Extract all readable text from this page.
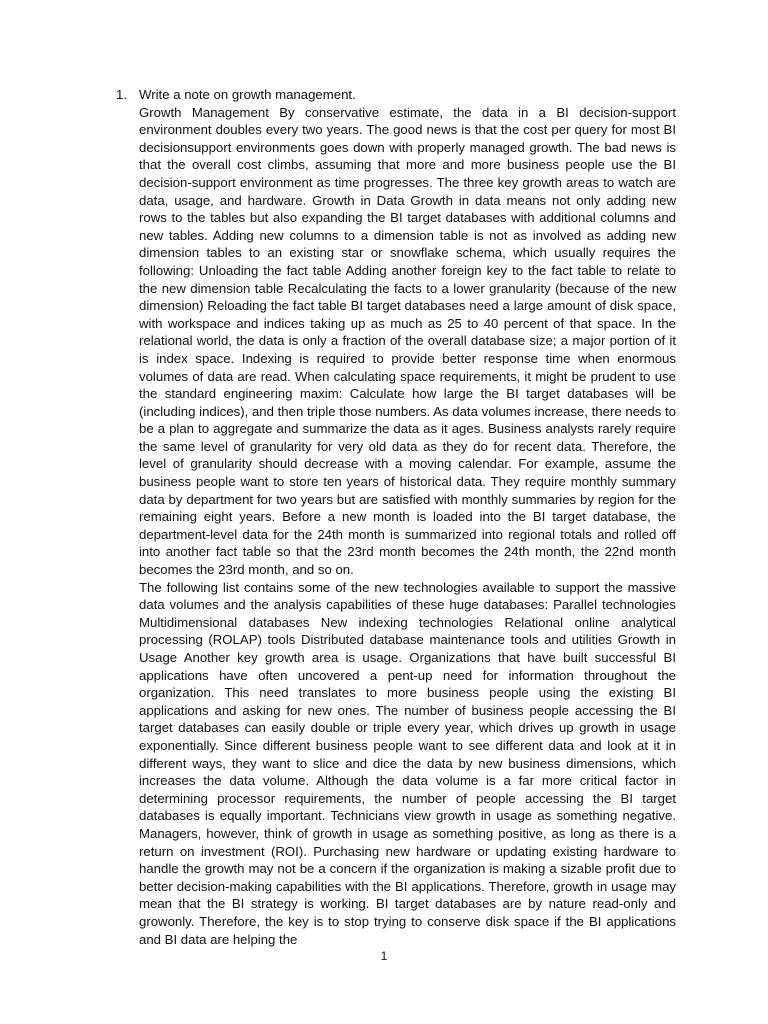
1. Write a note on growth management.

Growth Management By conservative estimate, the data in a BI decision-support environment doubles every two years. The good news is that the cost per query for most BI decisionsupport environments goes down with properly managed growth. The bad news is that the overall cost climbs, assuming that more and more business people use the BI decision-support environment as time progresses. The three key growth areas to watch are data, usage, and hardware. Growth in Data Growth in data means not only adding new rows to the tables but also expanding the BI target databases with additional columns and new tables. Adding new columns to a dimension table is not as involved as adding new dimension tables to an existing star or snowflake schema, which usually requires the following: Unloading the fact table Adding another foreign key to the fact table to relate to the new dimension table Recalculating the facts to a lower granularity (because of the new dimension) Reloading the fact table BI target databases need a large amount of disk space, with workspace and indices taking up as much as 25 to 40 percent of that space. In the relational world, the data is only a fraction of the overall database size; a major portion of it is index space. Indexing is required to provide better response time when enormous volumes of data are read. When calculating space requirements, it might be prudent to use the standard engineering maxim: Calculate how large the BI target databases will be (including indices), and then triple those numbers. As data volumes increase, there needs to be a plan to aggregate and summarize the data as it ages. Business analysts rarely require the same level of granularity for very old data as they do for recent data. Therefore, the level of granularity should decrease with a moving calendar. For example, assume the business people want to store ten years of historical data. They require monthly summary data by department for two years but are satisfied with monthly summaries by region for the remaining eight years. Before a new month is loaded into the BI target database, the department-level data for the 24th month is summarized into regional totals and rolled off into another fact table so that the 23rd month becomes the 24th month, the 22nd month becomes the 23rd month, and so on.

The following list contains some of the new technologies available to support the massive data volumes and the analysis capabilities of these huge databases: Parallel technologies Multidimensional databases New indexing technologies Relational online analytical processing (ROLAP) tools Distributed database maintenance tools and utilities Growth in Usage Another key growth area is usage. Organizations that have built successful BI applications have often uncovered a pent-up need for information throughout the organization. This need translates to more business people using the existing BI applications and asking for new ones. The number of business people accessing the BI target databases can easily double or triple every year, which drives up growth in usage exponentially. Since different business people want to see different data and look at it in different ways, they want to slice and dice the data by new business dimensions, which increases the data volume. Although the data volume is a far more critical factor in determining processor requirements, the number of people accessing the BI target databases is equally important. Technicians view growth in usage as something negative. Managers, however, think of growth in usage as something positive, as long as there is a return on investment (ROI). Purchasing new hardware or updating existing hardware to handle the growth may not be a concern if the organization is making a sizable profit due to better decision-making capabilities with the BI applications. Therefore, growth in usage may mean that the BI strategy is working. BI target databases are by nature read-only and growonly. Therefore, the key is to stop trying to conserve disk space if the BI applications and BI data are helping the

1
